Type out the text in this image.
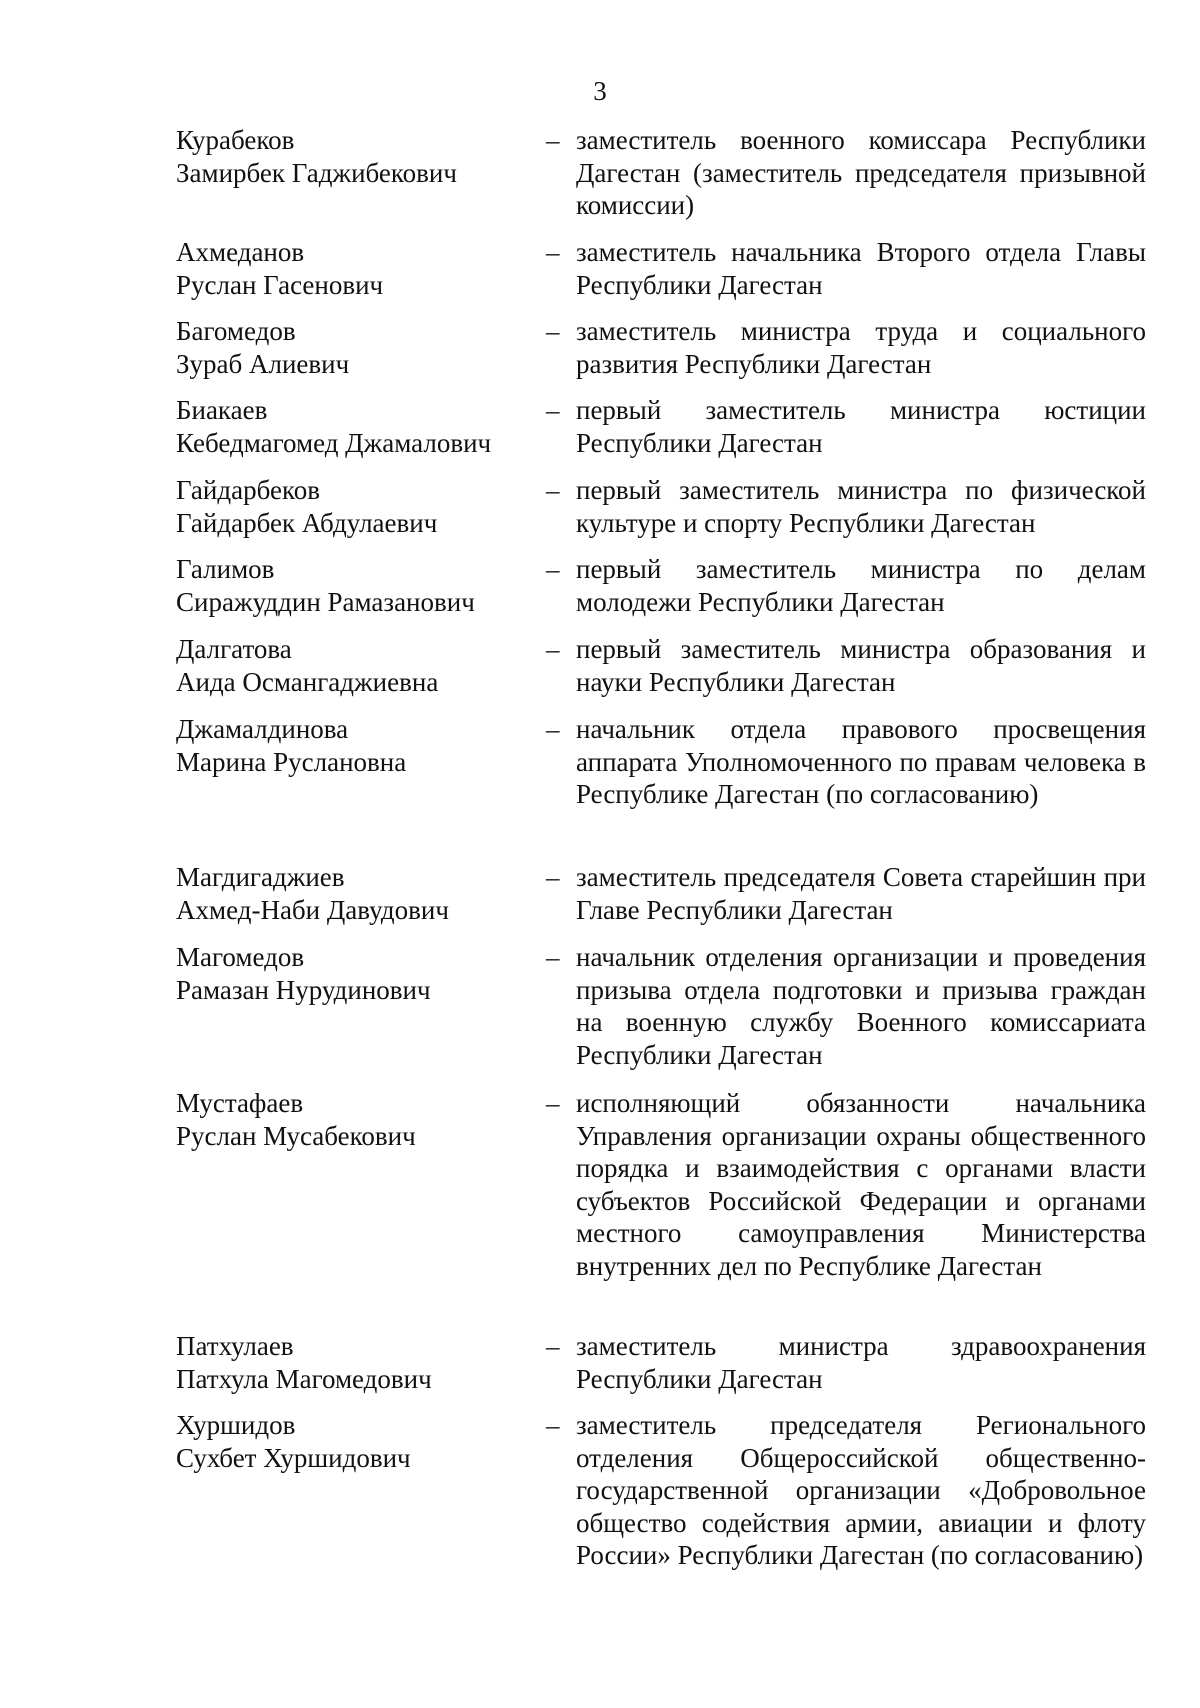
3
Курабеков
Замирбек Гаджибекович
– заместитель военного комиссара Республики Дагестан (заместитель председателя призывной комиссии)
Ахмеданов
Руслан Гасенович
– заместитель начальника Второго отдела Главы Республики Дагестан
Багомедов
Зураб Алиевич
– заместитель министра труда и социального развития Республики Дагестан
Биакаев
Кебедмагомед Джамалович
– первый заместитель министра юстиции Республики Дагестан
Гайдарбеков
Гайдарбек Абдулаевич
– первый заместитель министра по физической культуре и спорту Республики Дагестан
Галимов
Сиражуддин Рамазанович
– первый заместитель министра по делам молодежи Республики Дагестан
Далгатова
Аида Османгаджиевна
– первый заместитель министра образования и науки Республики Дагестан
Джамалдинова
Марина Руслановна
– начальник отдела правового просвещения аппарата Уполномоченного по правам человека в Республике Дагестан (по согласованию)
Магдигаджиев
Ахмед-Наби Давудович
– заместитель председателя Совета старейшин при Главе Республики Дагестан
Магомедов
Рамазан Нурудинович
– начальник отделения организации и проведения призыва отдела подготовки и призыва граждан на военную службу Военного комиссариата Республики Дагестан
Мустафаев
Руслан Мусабекович
– исполняющий обязанности начальника Управления организации охраны общественного порядка и взаимодействия с органами власти субъектов Российской Федерации и органами местного самоуправления Министерства внутренних дел по Республике Дагестан
Патхулаев
Патхула Магомедович
– заместитель министра здравоохранения Республики Дагестан
Хуршидов
Сухбет Хуршидович
– заместитель председателя Регионального отделения Общероссийской общественно-государственной организации «Добровольное общество содействия армии, авиации и флоту России» Республики Дагестан (по согласованию)
